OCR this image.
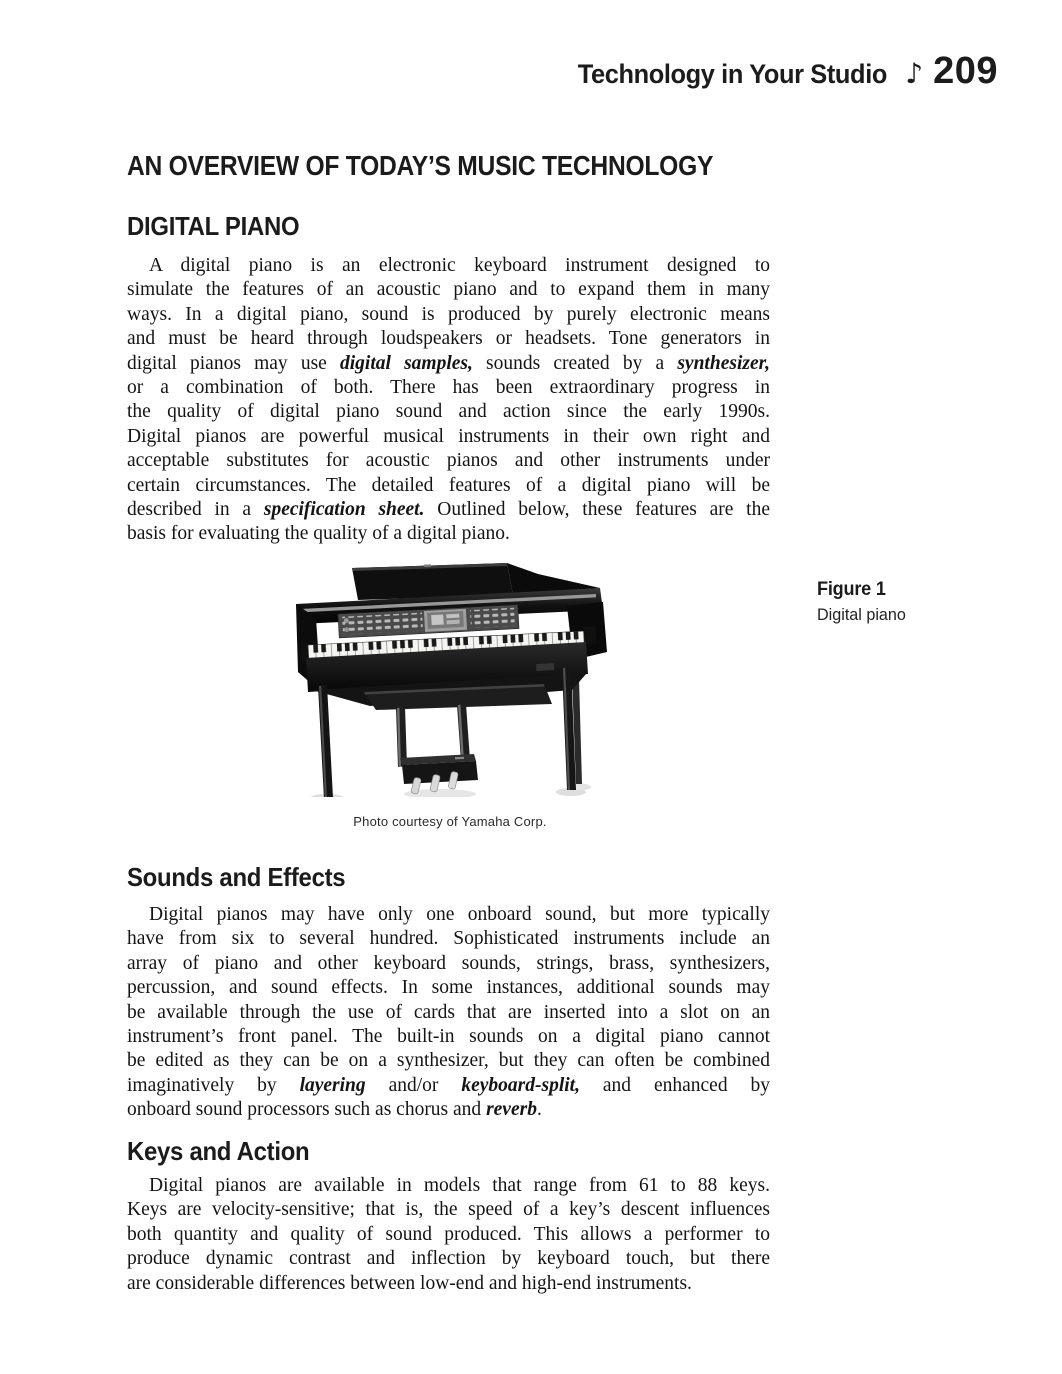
Technology in Your Studio ♪ 209
AN OVERVIEW OF TODAY’S MUSIC TECHNOLOGY
DIGITAL PIANO
A digital piano is an electronic keyboard instrument designed to
simulate the features of an acoustic piano and to expand them in many
ways. In a digital piano, sound is produced by purely electronic means
and must be heard through loudspeakers or headsets. Tone generators in
digital pianos may use digital samples, sounds created by a synthesizer,
or a combination of both. There has been extraordinary progress in
the quality of digital piano sound and action since the early 1990s.
Digital pianos are powerful musical instruments in their own right and
acceptable substitutes for acoustic pianos and other instruments under
certain circumstances. The detailed features of a digital piano will be
described in a specification sheet. Outlined below, these features are the
basis for evaluating the quality of a digital piano.
Photo courtesy of Yamaha Corp.
Figure 1
Digital piano
Sounds and Effects
Digital pianos may have only one onboard sound, but more typically
have from six to several hundred. Sophisticated instruments include an
array of piano and other keyboard sounds, strings, brass, synthesizers,
percussion, and sound effects. In some instances, additional sounds may
be available through the use of cards that are inserted into a slot on an
instrument’s front panel. The built-in sounds on a digital piano cannot
be edited as they can be on a synthesizer, but they can often be combined
imaginatively by layering and/or keyboard-split, and enhanced by
onboard sound processors such as chorus and reverb.
Keys and Action
Digital pianos are available in models that range from 61 to 88 keys.
Keys are velocity-sensitive; that is, the speed of a key’s descent influences
both quantity and quality of sound produced. This allows a performer to
produce dynamic contrast and inflection by keyboard touch, but there
are considerable differences between low-end and high-end instruments.
